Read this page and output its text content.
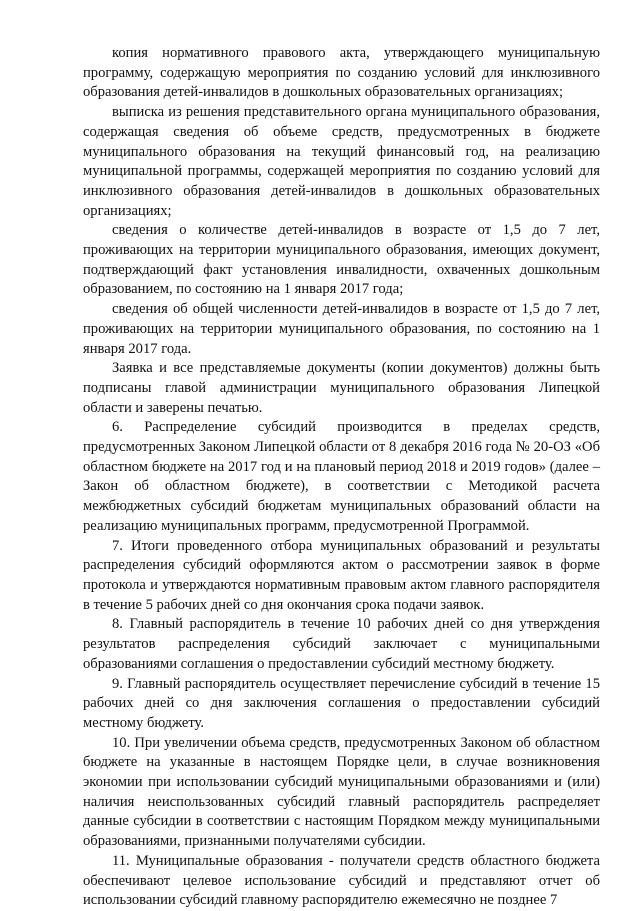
копия нормативного правового акта, утверждающего муниципальную программу, содержащую мероприятия по созданию условий для инклюзивного образования детей-инвалидов в дошкольных образовательных организациях;

выписка из решения представительного органа муниципального образования, содержащая сведения об объеме средств, предусмотренных в бюджете муниципального образования на текущий финансовый год, на реализацию муниципальной программы, содержащей мероприятия по созданию условий для инклюзивного образования детей-инвалидов в дошкольных образовательных организациях;

сведения о количестве детей-инвалидов в возрасте от 1,5 до 7 лет, проживающих на территории муниципального образования, имеющих документ, подтверждающий факт установления инвалидности, охваченных дошкольным образованием, по состоянию на 1 января 2017 года;

сведения об общей численности детей-инвалидов в возрасте от 1,5 до 7 лет, проживающих на территории муниципального образования, по состоянию на 1 января 2017 года.

Заявка и все представляемые документы (копии документов) должны быть подписаны главой администрации муниципального образования Липецкой области и заверены печатью.

6. Распределение субсидий производится в пределах средств, предусмотренных Законом Липецкой области от 8 декабря 2016 года № 20-ОЗ «Об областном бюджете на 2017 год и на плановый период 2018 и 2019 годов» (далее – Закон об областном бюджете), в соответствии с Методикой расчета межбюджетных субсидий бюджетам муниципальных образований области на реализацию муниципальных программ, предусмотренной Программой.

7. Итоги проведенного отбора муниципальных образований и результаты распределения субсидий оформляются актом о рассмотрении заявок в форме протокола и утверждаются нормативным правовым актом главного распорядителя в течение 5 рабочих дней со дня окончания срока подачи заявок.

8. Главный распорядитель в течение 10 рабочих дней со дня утверждения результатов распределения субсидий заключает с муниципальными образованиями соглашения о предоставлении субсидий местному бюджету.

9. Главный распорядитель осуществляет перечисление субсидий в течение 15 рабочих дней со дня заключения соглашения о предоставлении субсидий местному бюджету.

10. При увеличении объема средств, предусмотренных Законом об областном бюджете на указанные в настоящем Порядке цели, в случае возникновения экономии при использовании субсидий муниципальными образованиями и (или) наличия неиспользованных субсидий главный распорядитель распределяет данные субсидии в соответствии с настоящим Порядком между муниципальными образованиями, признанными получателями субсидии.

11. Муниципальные образования - получатели средств областного бюджета обеспечивают целевое использование субсидий и представляют отчет об использовании субсидий главному распорядителю ежемесячно не позднее 7
